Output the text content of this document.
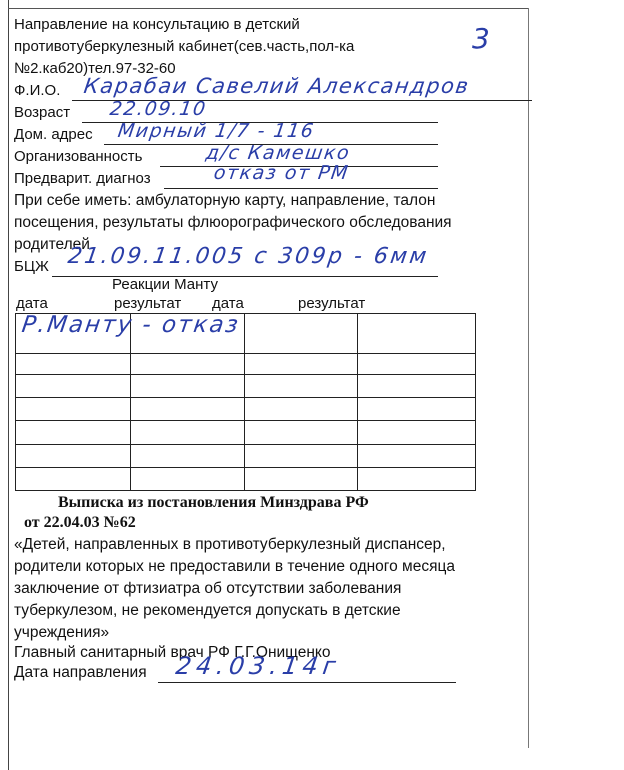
3
Направление на консультацию в детский
противотуберкулезный кабинет(сев.часть,пол-ка
№2.каб20)тел.97-32-60
Ф.И.О. Карабаи Савелий Александров
Возраст 22.09.10
Дом. адрес Мирный 1/7 - 116
Организованность	д/с Камешко
Предварит. диагноз	отказ от РМ
При себе иметь: амбулаторную карту, направление, талон
посещения, результаты флюорографического обследования
родителей.
БЦЖ 21.09.11.005 с 309р - 6мм
Реакции Манту
дата	результат дата	результат

Р.Манту - отказ
Выписка из постановления Минздрава РФ
от 22.04.03 №62
«Детей, направленных в противотуберкулезный диспансер,
родители которых не предоставили в течение одного месяца
заключение от фтизиатра об отсутствии заболевания
туберкулезом, не рекомендуется допускать в детские
учреждения»
Главный санитарный врач РФ Г.Г.Онищенко
Дата направления 24.03.14г
